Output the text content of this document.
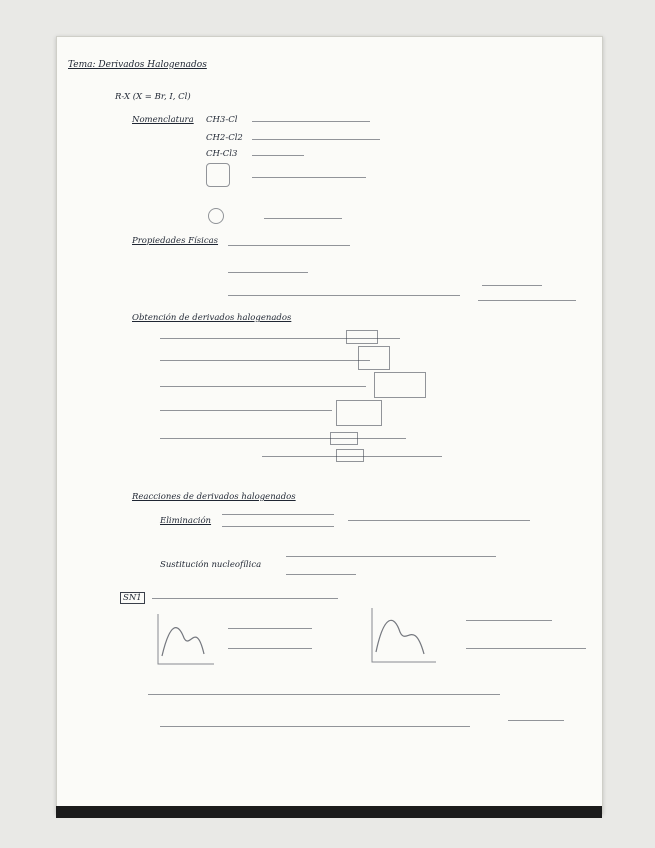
Tema: Derivados Halogenados
R-X (X = Br, I, Cl)
Nomenclatura CH3-Cl
CH2-Cl2
CH-Cl3
Propiedades Físicas
Obtención de derivados halogenados
Reacciones de derivados halogenados
Eliminación
Sustitución nucleofílica
SN1
